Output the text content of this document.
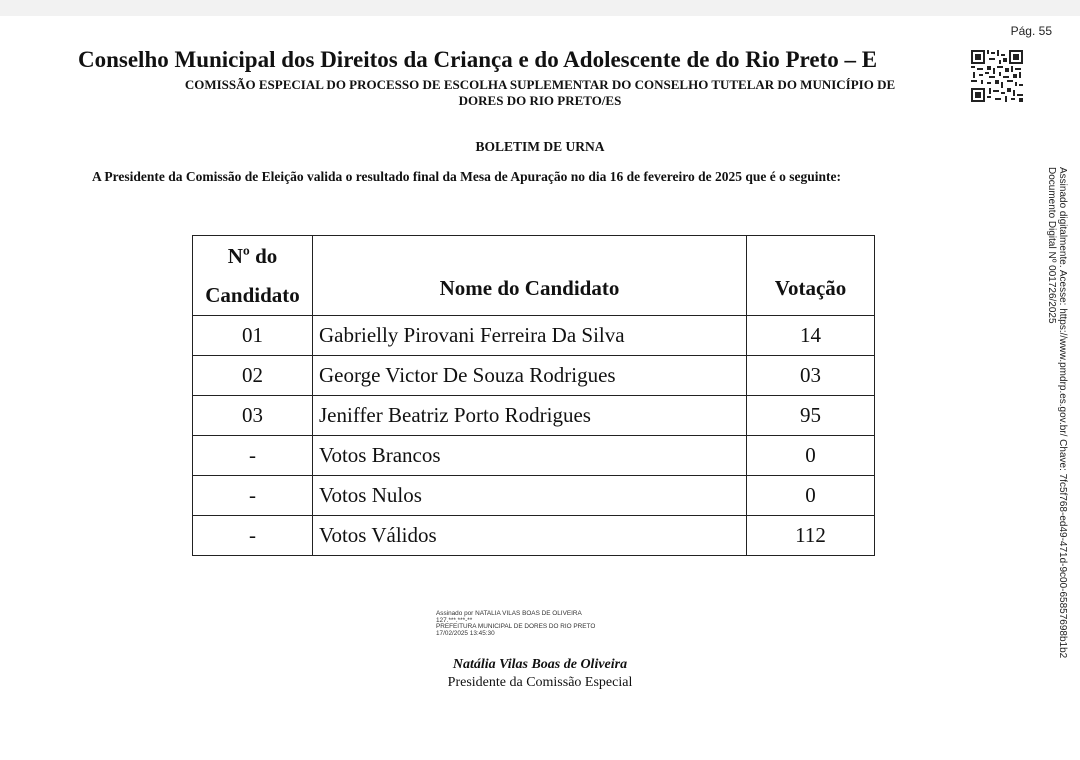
Pág. 55
Conselho Municipal dos Direitos da Criança e do Adolescente de do Rio Preto – E
COMISSÃO ESPECIAL DO PROCESSO DE ESCOLHA SUPLEMENTAR DO CONSELHO TUTELAR DO MUNICÍPIO DE
DORES DO RIO PRETO/ES
BOLETIM DE URNA
A Presidente da Comissão de Eleição valida o resultado final da Mesa de Apuração no dia 16 de fevereiro de 2025 que é o seguinte:
Nº do
Candidato	Nome do Candidato	Votação
01	Gabrielly Pirovani Ferreira Da Silva	14
02	George Victor De Souza Rodrigues	03
03	Jeniffer Beatriz Porto Rodrigues	95
-	Votos Brancos	0
-	Votos Nulos	0
-	Votos Válidos	112
Assinado por NATALIA VILAS BOAS DE OLIVEIRA
127.***.***-**
PREFEITURA MUNICIPAL DE DORES DO RIO PRETO
17/02/2025 13:45:30
Natália Vilas Boas de Oliveira
Presidente da Comissão Especial
Assinado digitalmente. Acesse: https://www.pmdrp.es.gov.br/ Chave: 7fc5f768-ed49-471d-9c00-65857698b1b2
Documento Digital Nº 001726/2025
